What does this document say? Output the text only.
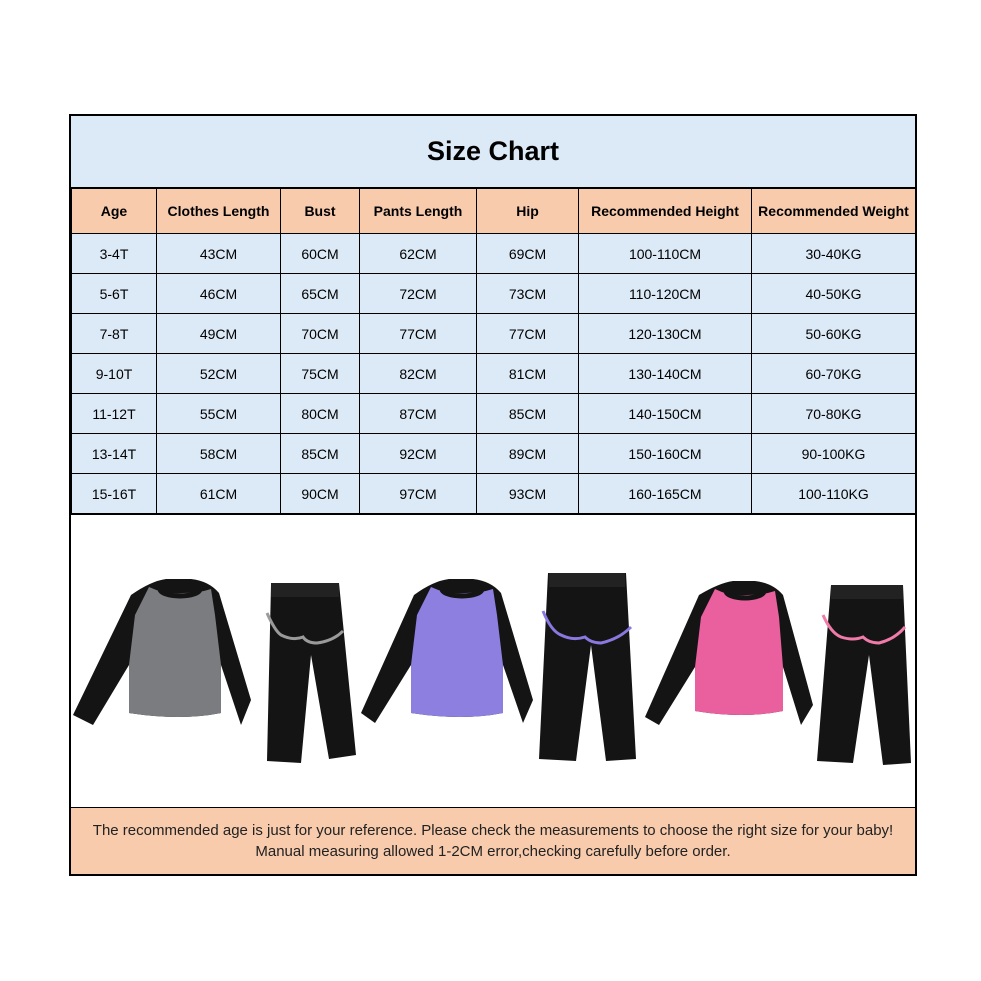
Size Chart
Age	Clothes Length	Bust	Pants Length	Hip	Recommended Height	Recommended Weight
3-4T	43CM	60CM	62CM	69CM	100-110CM	30-40KG
5-6T	46CM	65CM	72CM	73CM	110-120CM	40-50KG
7-8T	49CM	70CM	77CM	77CM	120-130CM	50-60KG
9-10T	52CM	75CM	82CM	81CM	130-140CM	60-70KG
11-12T	55CM	80CM	87CM	85CM	140-150CM	70-80KG
13-14T	58CM	85CM	92CM	89CM	150-160CM	90-100KG
15-16T	61CM	90CM	97CM	93CM	160-165CM	100-110KG
The recommended age is just for your reference. Please check the measurements to choose the right size for your baby!
Manual measuring allowed 1-2CM error,checking carefully before order.
